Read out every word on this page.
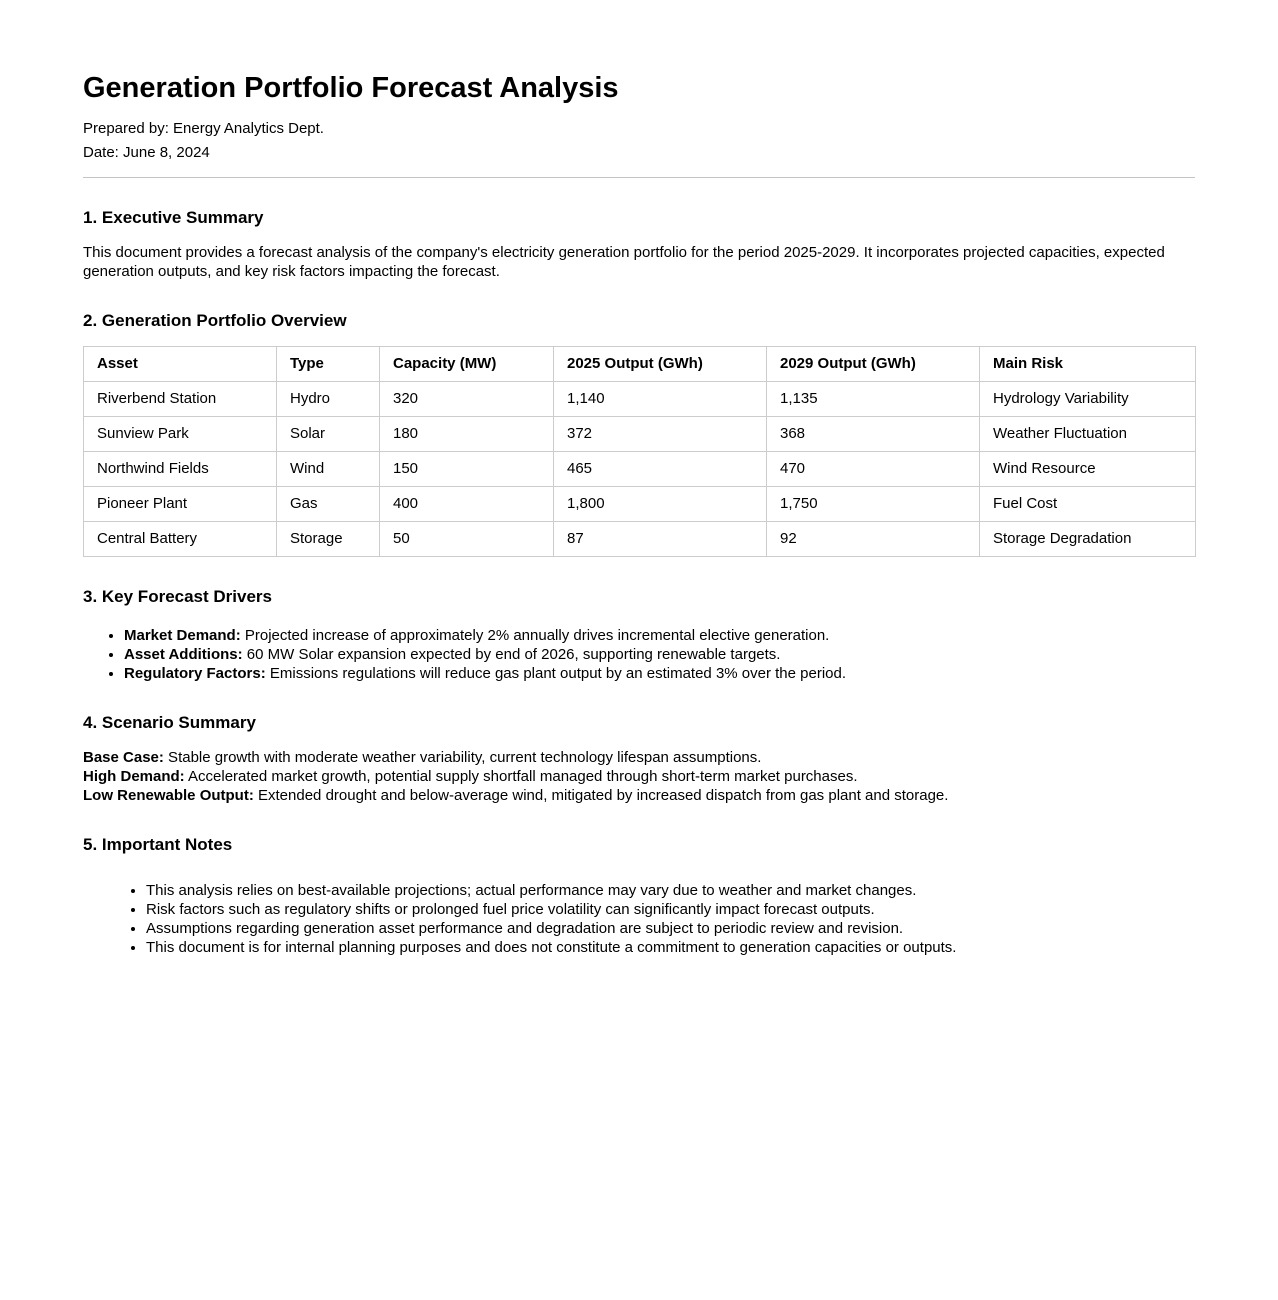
Generation Portfolio Forecast Analysis
Prepared by: Energy Analytics Dept.
Date: June 8, 2024
1. Executive Summary

This document provides a forecast analysis of the company's electricity generation portfolio for the period 2025-2029. It incorporates projected capacities, expected generation outputs, and key risk factors impacting the forecast.

2. Generation Portfolio Overview
Asset	Type	Capacity (MW)	2025 Output (GWh)	2029 Output (GWh)	Main Risk
Riverbend Station	Hydro	320	1,140	1,135	Hydrology Variability
Sunview Park	Solar	180	372	368	Weather Fluctuation
Northwind Fields	Wind	150	465	470	Wind Resource
Pioneer Plant	Gas	400	1,800	1,750	Fuel Cost
Central Battery	Storage	50	87	92	Storage Degradation
3. Key Forecast Drivers
• Market Demand: Projected increase of approximately 2% annually drives incremental elective generation.
• Asset Additions: 60 MW Solar expansion expected by end of 2026, supporting renewable targets.
• Regulatory Factors: Emissions regulations will reduce gas plant output by an estimated 3% over the period.
4. Scenario Summary
Base Case: Stable growth with moderate weather variability, current technology lifespan assumptions.
High Demand: Accelerated market growth, potential supply shortfall managed through short-term market purchases.
Low Renewable Output: Extended drought and below-average wind, mitigated by increased dispatch from gas plant and storage.
5. Important Notes
• This analysis relies on best-available projections; actual performance may vary due to weather and market changes.
• Risk factors such as regulatory shifts or prolonged fuel price volatility can significantly impact forecast outputs.
• Assumptions regarding generation asset performance and degradation are subject to periodic review and revision.
• This document is for internal planning purposes and does not constitute a commitment to generation capacities or outputs.
